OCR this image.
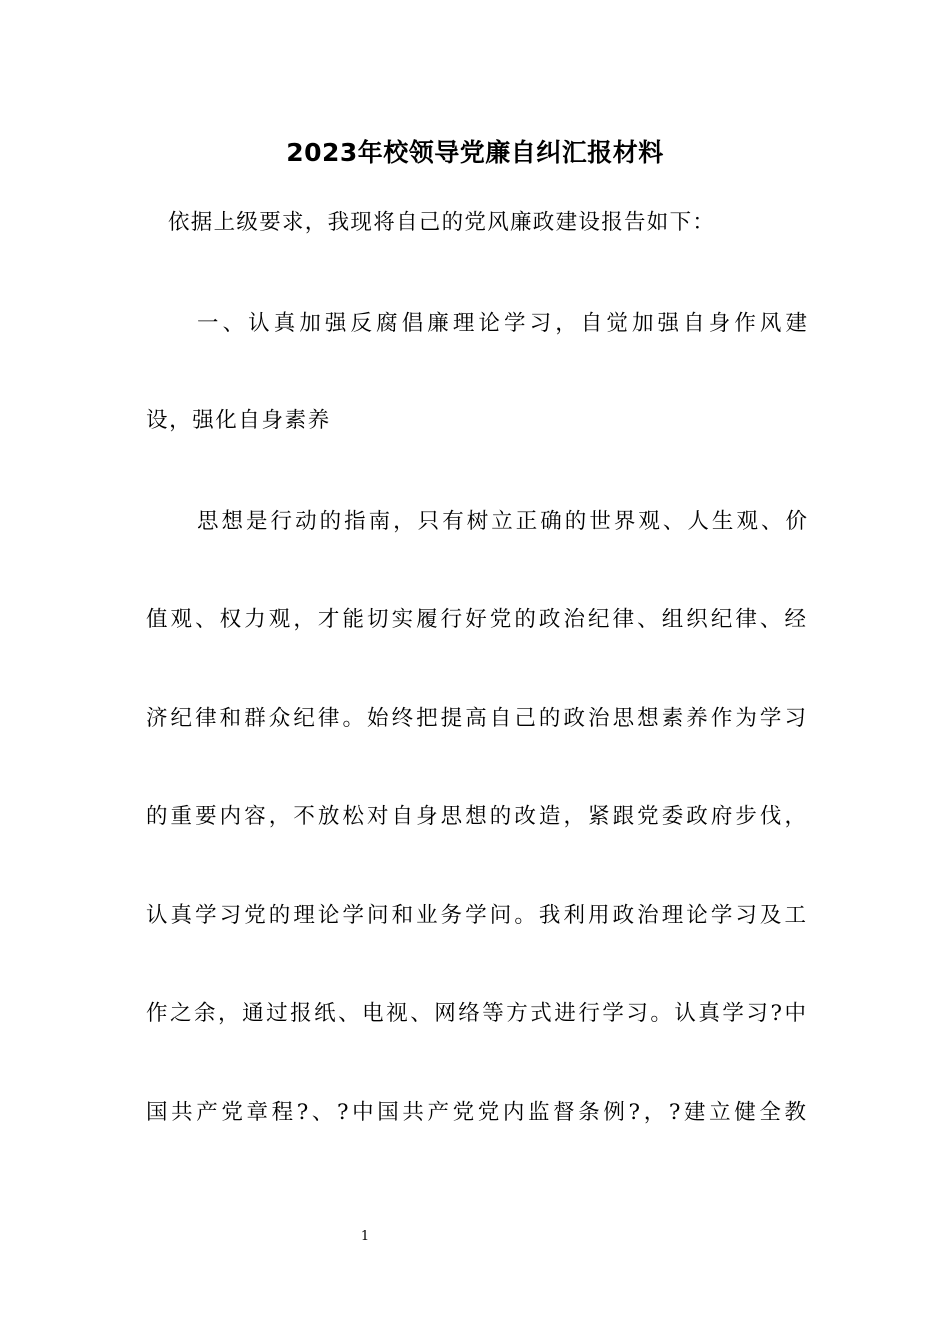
2023年校领导党廉自纠汇报材料
依据上级要求，我现将自己的党风廉政建设报告如下：
一、认真加强反腐倡廉理论学习，自觉加强自身作风建
设，强化自身素养
思想是行动的指南，只有树立正确的世界观、人生观、价
值观、权力观，才能切实履行好党的政治纪律、组织纪律、经
济纪律和群众纪律。始终把提高自己的政治思想素养作为学习
的重要内容，不放松对自身思想的改造，紧跟党委政府步伐，
认真学习党的理论学问和业务学问。我利用政治理论学习及工
作之余，通过报纸、电视、网络等方式进行学习。认真学习?中
国共产党章程?、?中国共产党党内监督条例?，?建立健全教
1
